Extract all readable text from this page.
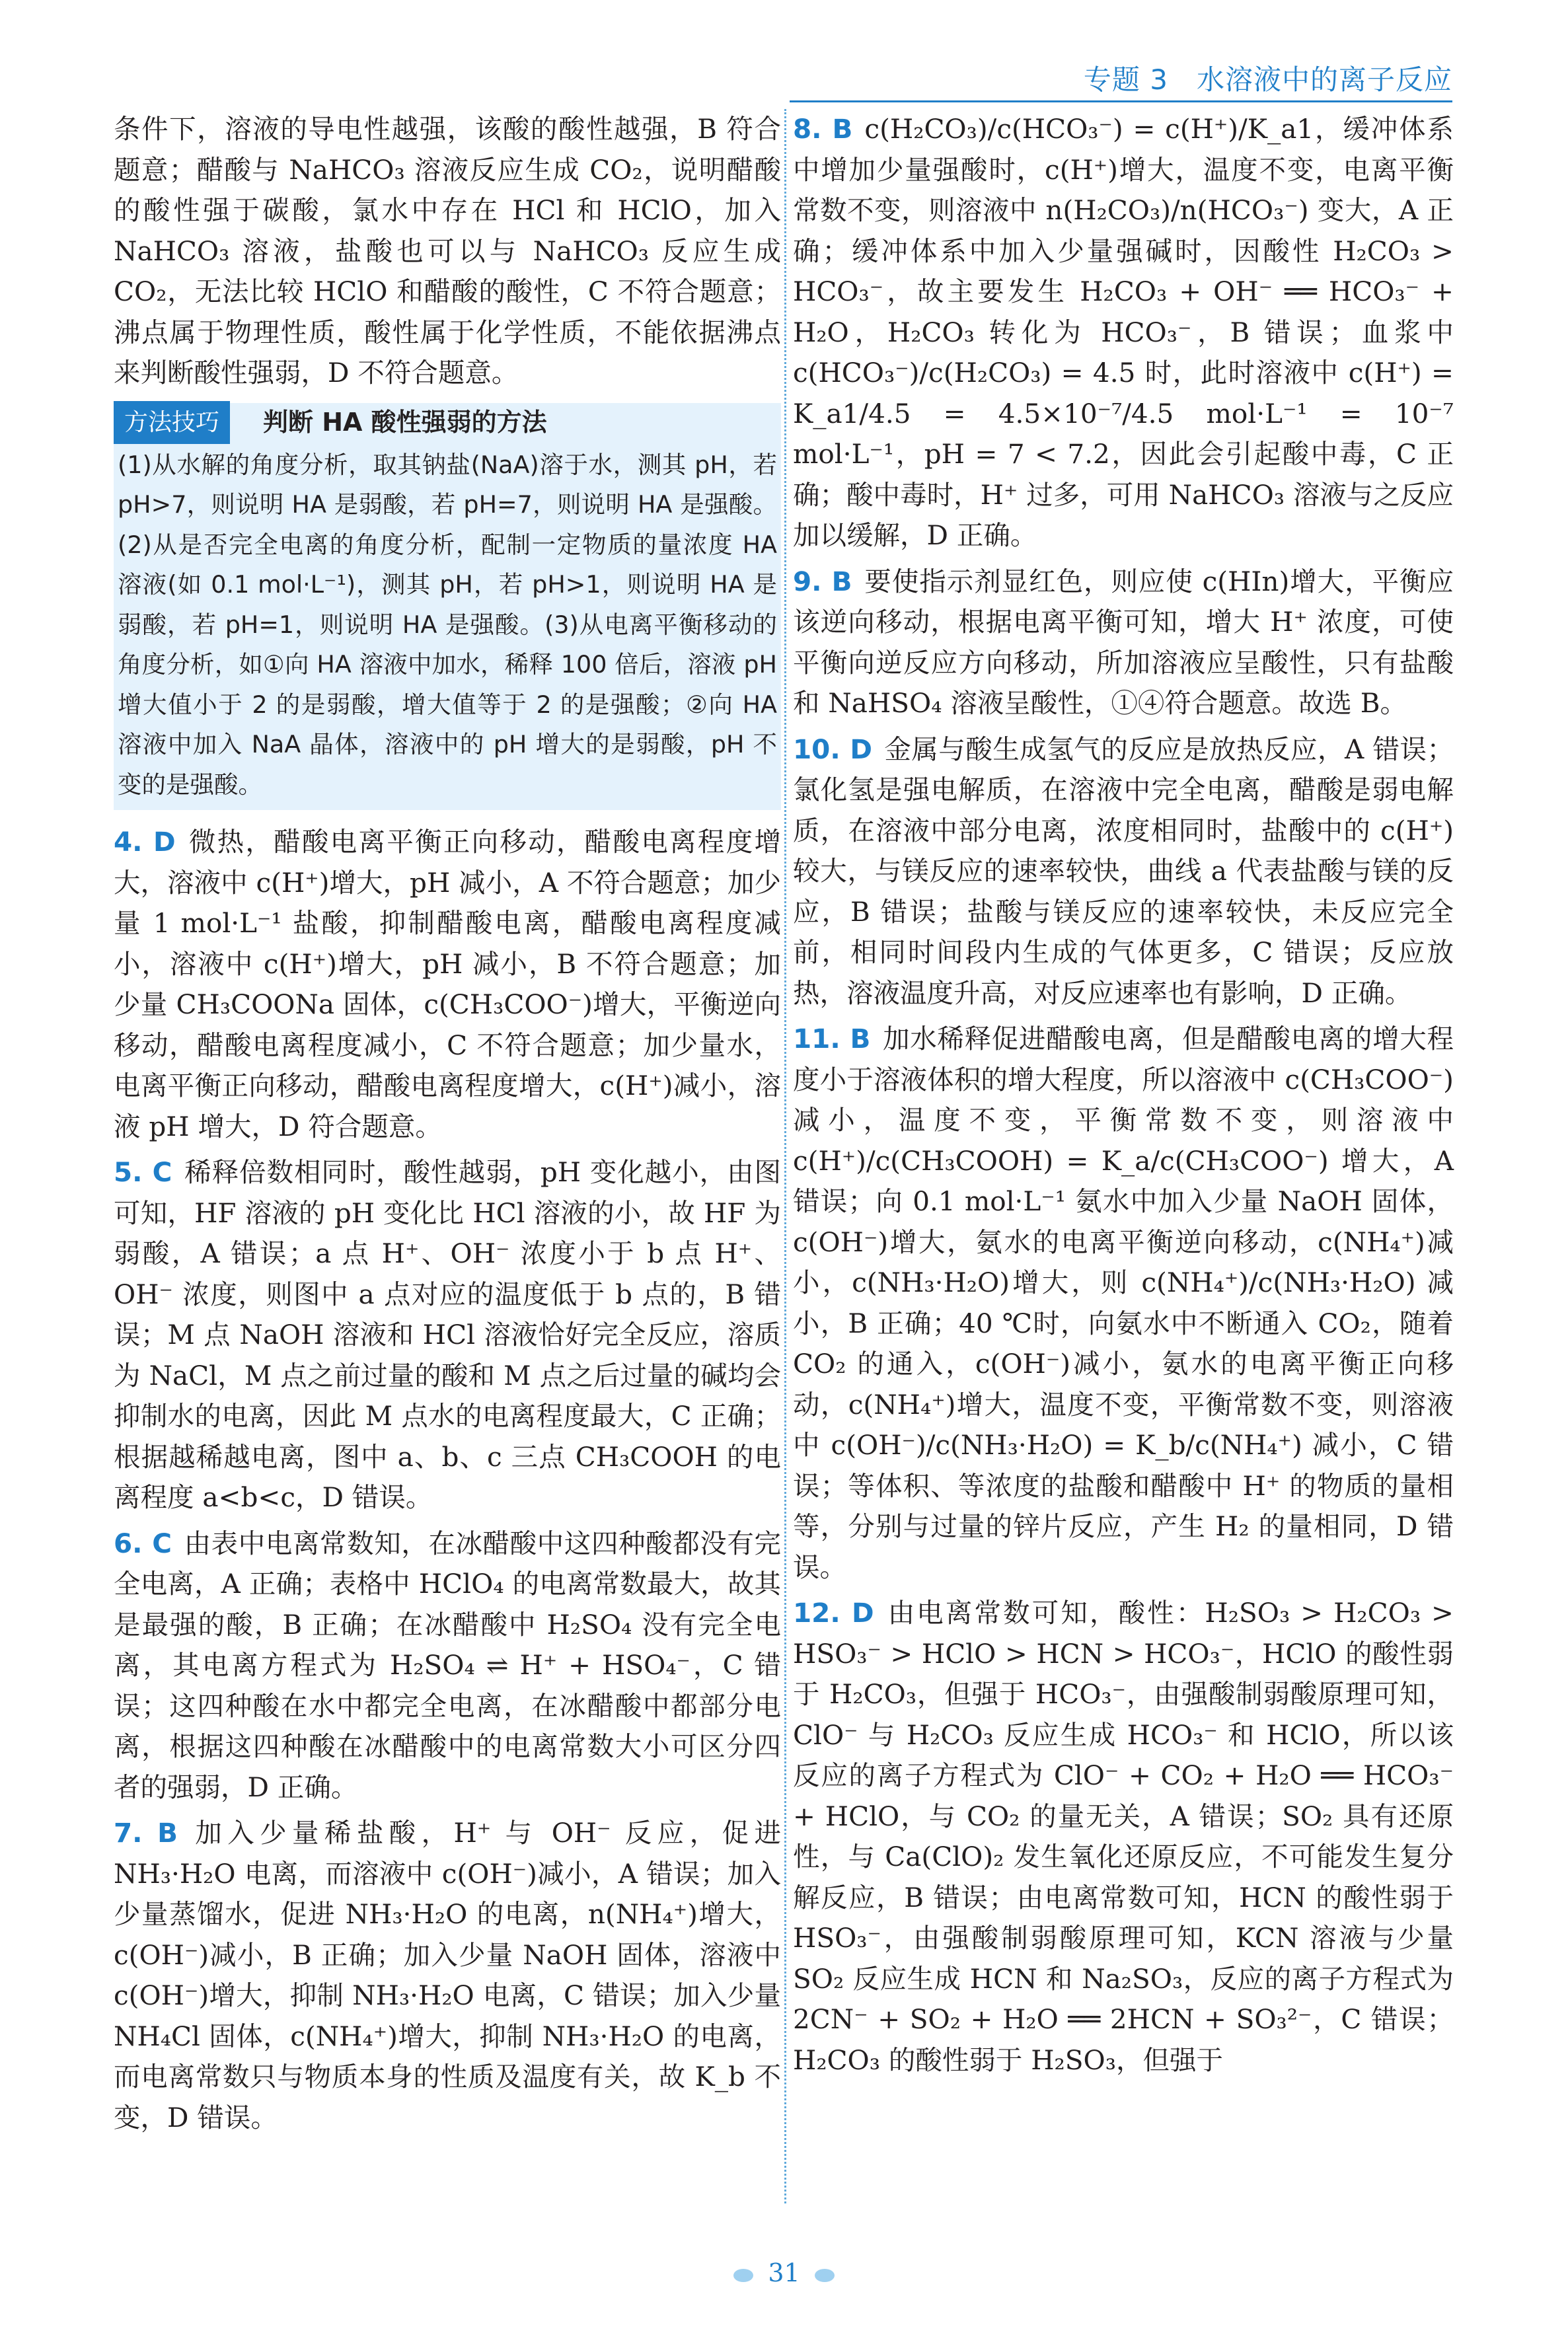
专题 3　水溶液中的离子反应

条件下，溶液的导电性越强，该酸的酸性越强，B 符合题意；醋酸与 NaHCO₃ 溶液反应生成 CO₂，说明醋酸的酸性强于碳酸，氯水中存在 HCl 和 HClO，加入 NaHCO₃ 溶液，盐酸也可以与 NaHCO₃ 反应生成 CO₂，无法比较 HClO 和醋酸的酸性，C 不符合题意；沸点属于物理性质，酸性属于化学性质，不能依据沸点来判断酸性强弱，D 不符合题意。

方法技巧	判断 HA 酸性强弱的方法
(1)从水解的角度分析，取其钠盐(NaA)溶于水，测其 pH，若 pH>7，则说明 HA 是弱酸，若 pH=7，则说明 HA 是强酸。(2)从是否完全电离的角度分析，配制一定物质的量浓度 HA 溶液(如 0.1 mol·L⁻¹)，测其 pH，若 pH>1，则说明 HA 是弱酸，若 pH=1，则说明 HA 是强酸。(3)从电离平衡移动的角度分析，如①向 HA 溶液中加水，稀释 100 倍后，溶液 pH 增大值小于 2 的是弱酸，增大值等于 2 的是强酸；②向 HA 溶液中加入 NaA 晶体，溶液中的 pH 增大的是弱酸，pH 不变的是强酸。

4. D 微热，醋酸电离平衡正向移动，醋酸电离程度增大，溶液中 c(H⁺)增大，pH 减小，A 不符合题意；加少量 1 mol·L⁻¹ 盐酸，抑制醋酸电离，醋酸电离程度减小，溶液中 c(H⁺)增大，pH 减小，B 不符合题意；加少量 CH₃COONa 固体，c(CH₃COO⁻)增大，平衡逆向移动，醋酸电离程度减小，C 不符合题意；加少量水，电离平衡正向移动，醋酸电离程度增大，c(H⁺)减小，溶液 pH 增大，D 符合题意。

5. C 稀释倍数相同时，酸性越弱，pH 变化越小，由图可知，HF 溶液的 pH 变化比 HCl 溶液的小，故 HF 为弱酸，A 错误；a 点 H⁺、OH⁻ 浓度小于 b 点 H⁺、OH⁻ 浓度，则图中 a 点对应的温度低于 b 点的，B 错误；M 点 NaOH 溶液和 HCl 溶液恰好完全反应，溶质为 NaCl，M 点之前过量的酸和 M 点之后过量的碱均会抑制水的电离，因此 M 点水的电离程度最大，C 正确；根据越稀越电离，图中 a、b、c 三点 CH₃COOH 的电离程度 a<b<c，D 错误。

6. C 由表中电离常数知，在冰醋酸中这四种酸都没有完全电离，A 正确；表格中 HClO₄ 的电离常数最大，故其是最强的酸，B 正确；在冰醋酸中 H₂SO₄ 没有完全电离，其电离方程式为 H₂SO₄ ⇌ H⁺ + HSO₄⁻，C 错误；这四种酸在水中都完全电离，在冰醋酸中都部分电离，根据这四种酸在冰醋酸中的电离常数大小可区分四者的强弱，D 正确。

7. B 加入少量稀盐酸，H⁺ 与 OH⁻ 反应，促进 NH₃·H₂O 电离，而溶液中 c(OH⁻)减小，A 错误；加入少量蒸馏水，促进 NH₃·H₂O 的电离，n(NH₄⁺)增大，c(OH⁻)减小，B 正确；加入少量 NaOH 固体，溶液中 c(OH⁻)增大，抑制 NH₃·H₂O 电离，C 错误；加入少量 NH₄Cl 固体，c(NH₄⁺)增大，抑制 NH₃·H₂O 的电离，而电离常数只与物质本身的性质及温度有关，故 K_b 不变，D 错误。

8. B c(H₂CO₃)/c(HCO₃⁻) = c(H⁺)/K_a1，缓冲体系中增加少量强酸时，c(H⁺)增大，温度不变，电离平衡常数不变，则溶液中 n(H₂CO₃)/n(HCO₃⁻) 变大，A 正确；缓冲体系中加入少量强碱时，因酸性 H₂CO₃ > HCO₃⁻，故主要发生 H₂CO₃ + OH⁻ ══ HCO₃⁻ + H₂O，H₂CO₃ 转化为 HCO₃⁻，B 错误；血浆中 c(HCO₃⁻)/c(H₂CO₃) = 4.5 时，此时溶液中 c(H⁺) = K_a1/4.5 = 4.5×10⁻⁷/4.5 mol·L⁻¹ = 10⁻⁷ mol·L⁻¹，pH = 7 < 7.2，因此会引起酸中毒，C 正确；酸中毒时，H⁺ 过多，可用 NaHCO₃ 溶液与之反应加以缓解，D 正确。

9. B 要使指示剂显红色，则应使 c(HIn)增大，平衡应该逆向移动，根据电离平衡可知，增大 H⁺ 浓度，可使平衡向逆反应方向移动，所加溶液应呈酸性，只有盐酸和 NaHSO₄ 溶液呈酸性，①④符合题意。故选 B。

10. D 金属与酸生成氢气的反应是放热反应，A 错误；氯化氢是强电解质，在溶液中完全电离，醋酸是弱电解质，在溶液中部分电离，浓度相同时，盐酸中的 c(H⁺)较大，与镁反应的速率较快，曲线 a 代表盐酸与镁的反应，B 错误；盐酸与镁反应的速率较快，未反应完全前，相同时间段内生成的气体更多，C 错误；反应放热，溶液温度升高，对反应速率也有影响，D 正确。

11. B 加水稀释促进醋酸电离，但是醋酸电离的增大程度小于溶液体积的增大程度，所以溶液中 c(CH₃COO⁻)减小，温度不变，平衡常数不变，则溶液中 c(H⁺)/c(CH₃COOH) = K_a/c(CH₃COO⁻) 增大，A 错误；向 0.1 mol·L⁻¹ 氨水中加入少量 NaOH 固体，c(OH⁻)增大，氨水的电离平衡逆向移动，c(NH₄⁺)减小，c(NH₃·H₂O)增大，则 c(NH₄⁺)/c(NH₃·H₂O) 减小，B 正确；40 ℃时，向氨水中不断通入 CO₂，随着 CO₂ 的通入，c(OH⁻)减小，氨水的电离平衡正向移动，c(NH₄⁺)增大，温度不变，平衡常数不变，则溶液中 c(OH⁻)/c(NH₃·H₂O) = K_b/c(NH₄⁺) 减小，C 错误；等体积、等浓度的盐酸和醋酸中 H⁺ 的物质的量相等，分别与过量的锌片反应，产生 H₂ 的量相同，D 错误。

12. D 由电离常数可知，酸性：H₂SO₃ > H₂CO₃ > HSO₃⁻ > HClO > HCN > HCO₃⁻，HClO 的酸性弱于 H₂CO₃，但强于 HCO₃⁻，由强酸制弱酸原理可知，ClO⁻ 与 H₂CO₃ 反应生成 HCO₃⁻ 和 HClO，所以该反应的离子方程式为 ClO⁻ + CO₂ + H₂O ══ HCO₃⁻ + HClO，与 CO₂ 的量无关，A 错误；SO₂ 具有还原性，与 Ca(ClO)₂ 发生氧化还原反应，不可能发生复分解反应，B 错误；由电离常数可知，HCN 的酸性弱于 HSO₃⁻，由强酸制弱酸原理可知，KCN 溶液与少量 SO₂ 反应生成 HCN 和 Na₂SO₃，反应的离子方程式为 2CN⁻ + SO₂ + H₂O ══ 2HCN + SO₃²⁻，C 错误；H₂CO₃ 的酸性弱于 H₂SO₃，但强于

31
